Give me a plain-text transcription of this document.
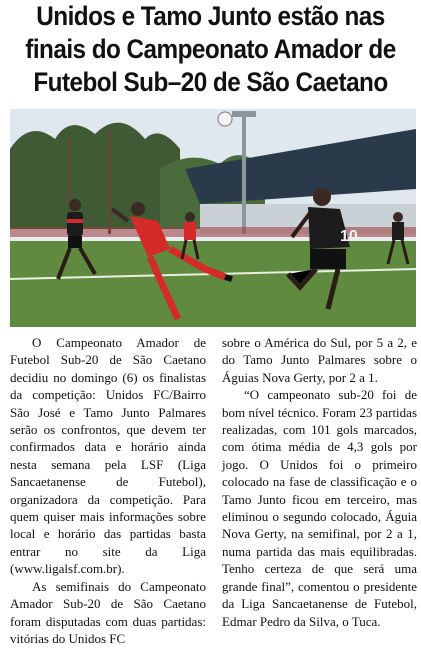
Unidos e Tamo Junto estão nas
finais do Campeonato Amador de
Futebol Sub–20 de São Caetano
10

O Campeonato Amador de Futebol Sub-20 de São Caetano decidiu no domingo (6) os finalistas da competição: Unidos FC/Bairro São José e Tamo Junto Palmares serão os confrontos, que devem ter confirmados data e horário ainda nesta semana pela LSF (Liga Sancaetanense de Futebol), organizadora da competição. Para quem quiser mais informações sobre local e horário das partidas basta entrar no site da Liga (www.ligalsf.com.br).

As semifinais do Campeonato Amador Sub-20 de São Caetano foram disputadas com duas partidas: vitórias do Unidos FC

sobre o América do Sul, por 5 a 2, e do Tamo Junto Palmares sobre o Águias Nova Gerty, por 2 a 1.

“O campeonato sub-20 foi de bom nível técnico. Foram 23 partidas realizadas, com 101 gols marcados, com ótima média de 4,3 gols por jogo. O Unidos foi o primeiro colocado na fase de classificação e o Tamo Junto ficou em terceiro, mas eliminou o segundo colocado, Águia Nova Gerty, na semifinal, por 2 a 1, numa partida das mais equilibradas. Tenho certeza de que será uma grande final”, comentou o presidente da Liga Sancaetanense de Futebol, Edmar Pedro da Silva, o Tuca.
